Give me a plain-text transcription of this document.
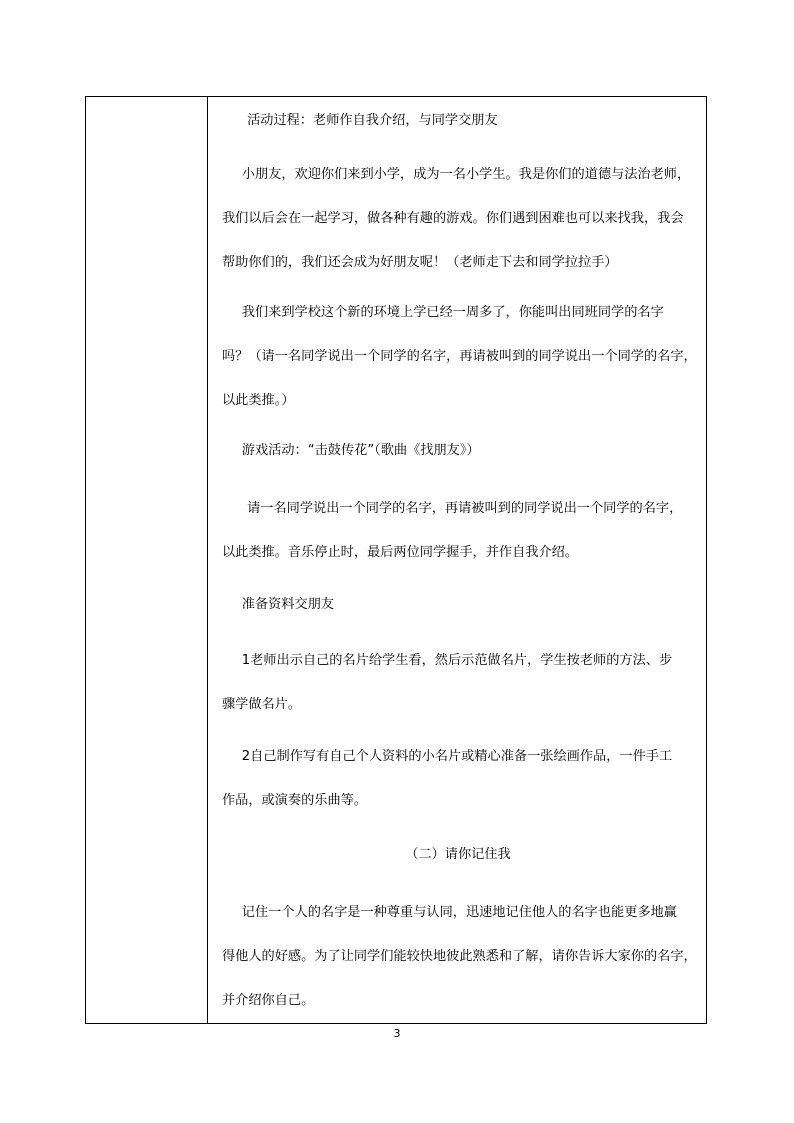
活动过程：老师作自我介绍，与同学交朋友
小朋友，欢迎你们来到小学，成为一名小学生。我是你们的道德与法治老师，
我们以后会在一起学习，做各种有趣的游戏。你们遇到困难也可以来找我，我会
帮助你们的，我们还会成为好朋友呢！（老师走下去和同学拉拉手）
我们来到学校这个新的环境上学已经一周多了，你能叫出同班同学的名字
吗？（请一名同学说出一个同学的名字，再请被叫到的同学说出一个同学的名字，
以此类推。）
游戏活动：“击鼓传花”（歌曲《找朋友》）
请一名同学说出一个同学的名字，再请被叫到的同学说出一个同学的名字，
以此类推。音乐停止时，最后两位同学握手，并作自我介绍。
准备资料交朋友
1老师出示自己的名片给学生看，然后示范做名片，学生按老师的方法、步
骤学做名片。
2自己制作写有自己个人资料的小名片或精心准备一张绘画作品，一件手工
作品，或演奏的乐曲等。
（二）请你记住我
记住一个人的名字是一种尊重与认同，迅速地记住他人的名字也能更多地赢
得他人的好感。为了让同学们能较快地彼此熟悉和了解，请你告诉大家你的名字，
并介绍你自己。
3
